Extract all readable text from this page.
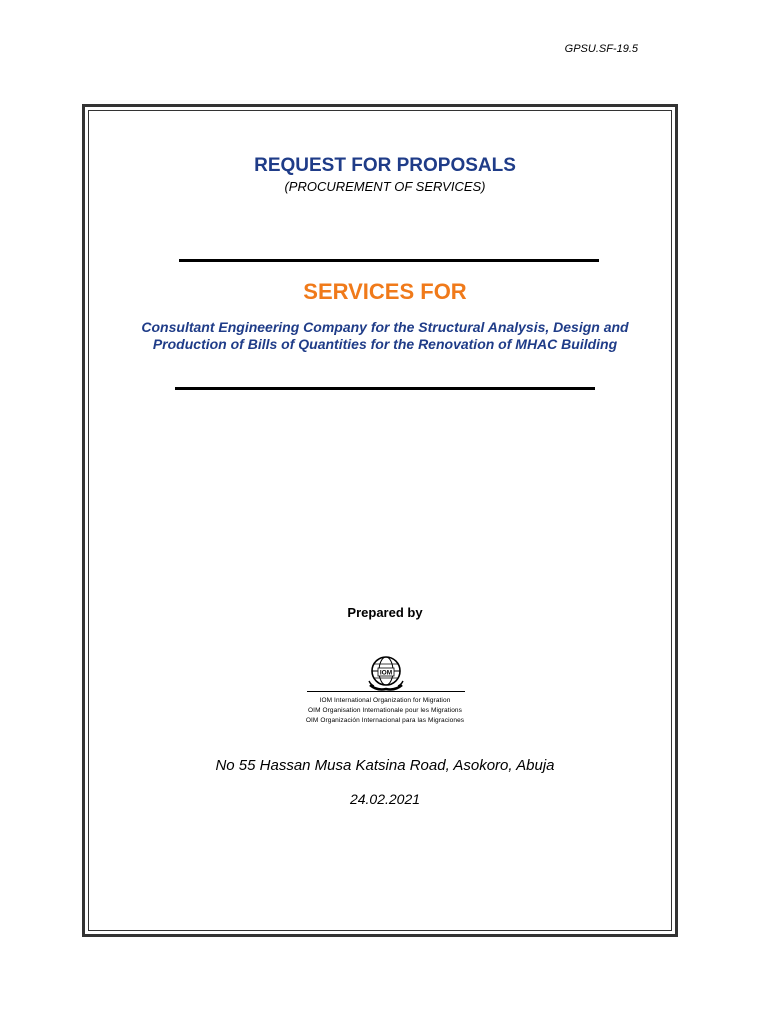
GPSU.SF-19.5
REQUEST FOR PROPOSALS
(PROCUREMENT OF SERVICES)
SERVICES FOR
Consultant Engineering Company for the Structural Analysis, Design and Production of Bills of Quantities for the Renovation of MHAC Building
Prepared by
IOM
IOM International Organization for Migration
OIM Organisation Internationale pour les Migrations
OIM Organización Internacional para las Migraciones
No 55 Hassan Musa Katsina Road, Asokoro, Abuja
24.02.2021
